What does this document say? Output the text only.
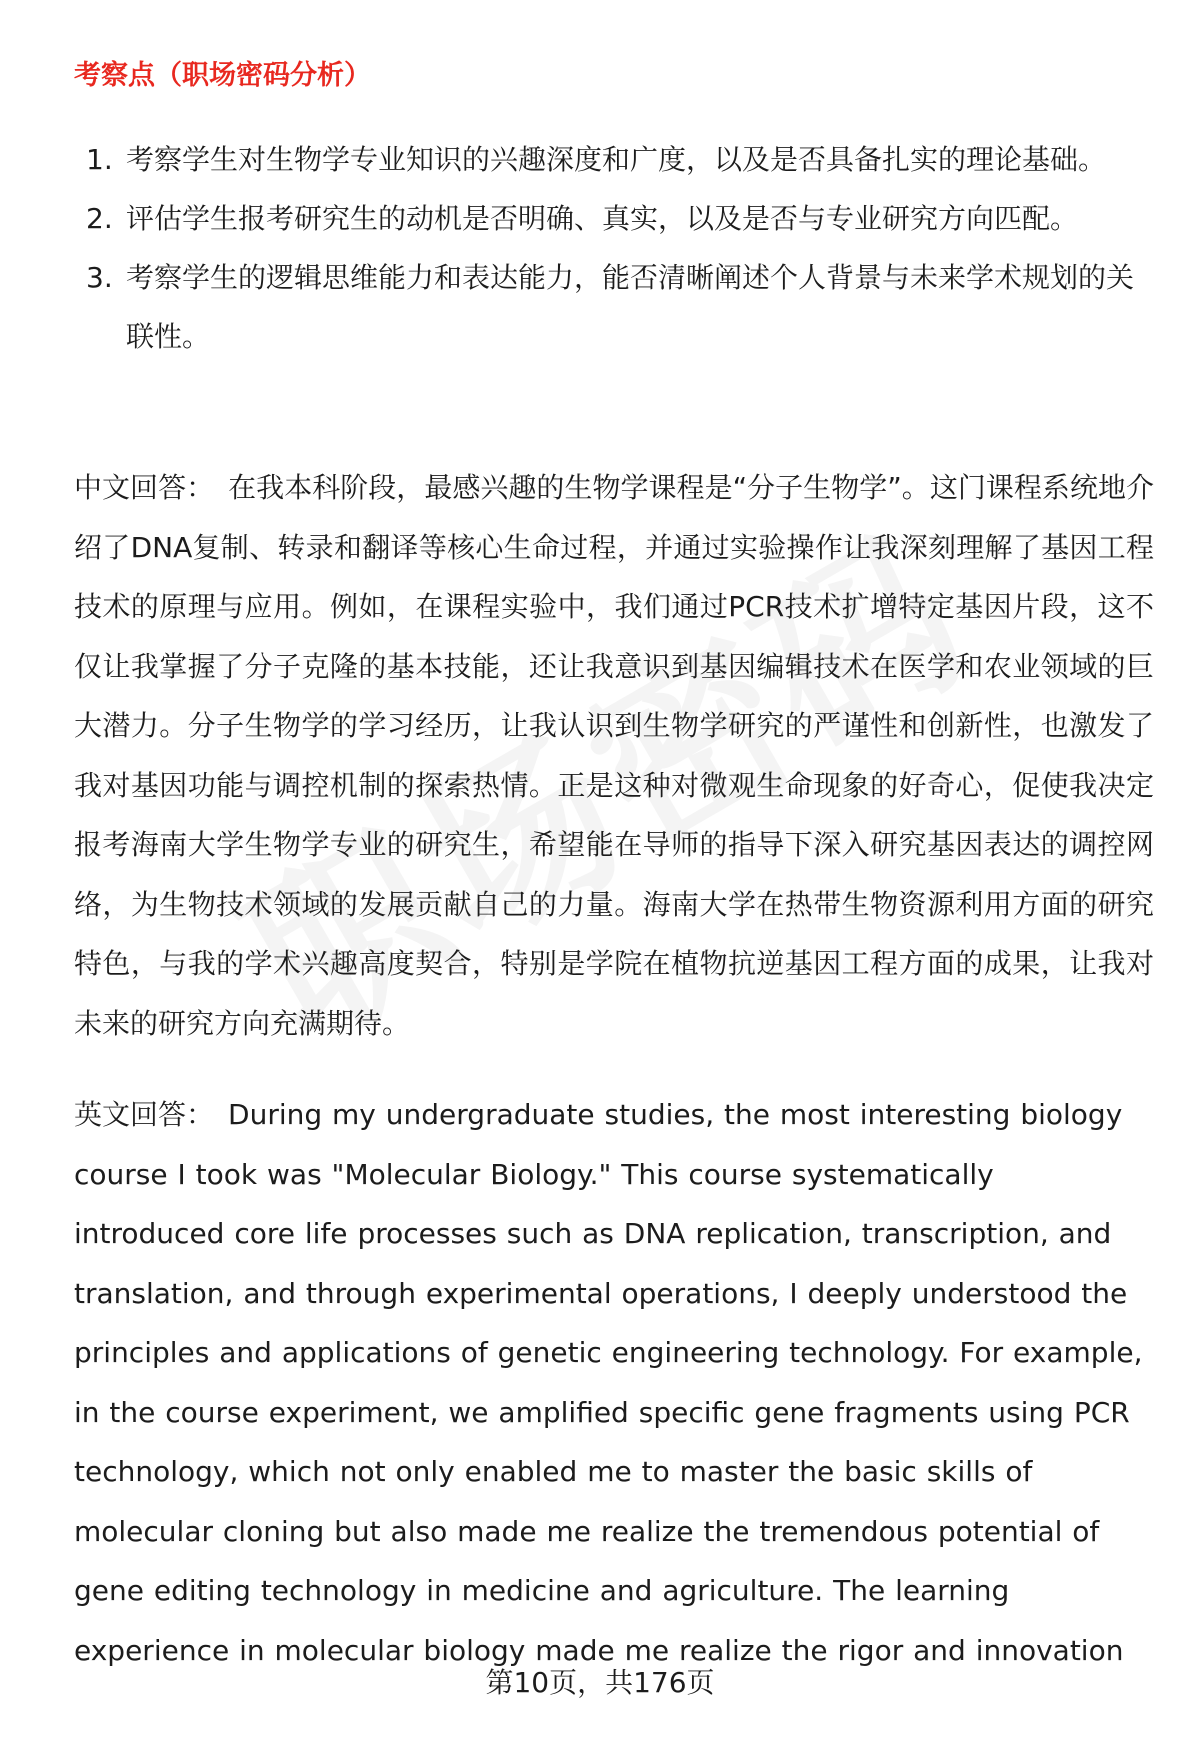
考察点（职场密码分析）
1. 考察学生对生物学专业知识的兴趣深度和广度，以及是否具备扎实的理论基础。
2. 评估学生报考研究生的动机是否明确、真实，以及是否与专业研究方向匹配。
3. 考察学生的逻辑思维能力和表达能力，能否清晰阐述个人背景与未来学术规划的关联性。

中文回答： 在我本科阶段，最感兴趣的生物学课程是“分子生物学”。这门课程系统地介绍了DNA复制、转录和翻译等核心生命过程，并通过实验操作让我深刻理解了基因工程技术的原理与应用。例如，在课程实验中，我们通过PCR技术扩增特定基因片段，这不仅让我掌握了分子克隆的基本技能，还让我意识到基因编辑技术在医学和农业领域的巨大潜力。分子生物学的学习经历，让我认识到生物学研究的严谨性和创新性，也激发了我对基因功能与调控机制的探索热情。正是这种对微观生命现象的好奇心，促使我决定报考海南大学生物学专业的研究生，希望能在导师的指导下深入研究基因表达的调控网络，为生物技术领域的发展贡献自己的力量。海南大学在热带生物资源利用方面的研究特色，与我的学术兴趣高度契合，特别是学院在植物抗逆基因工程方面的成果，让我对未来的研究方向充满期待。

英文回答： During my undergraduate studies, the most interesting biology course I took was "Molecular Biology." This course systematically introduced core life processes such as DNA replication, transcription, and translation, and through experimental operations, I deeply understood the principles and applications of genetic engineering technology. For example, in the course experiment, we amplified specific gene fragments using PCR technology, which not only enabled me to master the basic skills of molecular cloning but also made me realize the tremendous potential of gene editing technology in medicine and agriculture. The learning experience in molecular biology made me realize the rigor and innovation

第10页，共176页
